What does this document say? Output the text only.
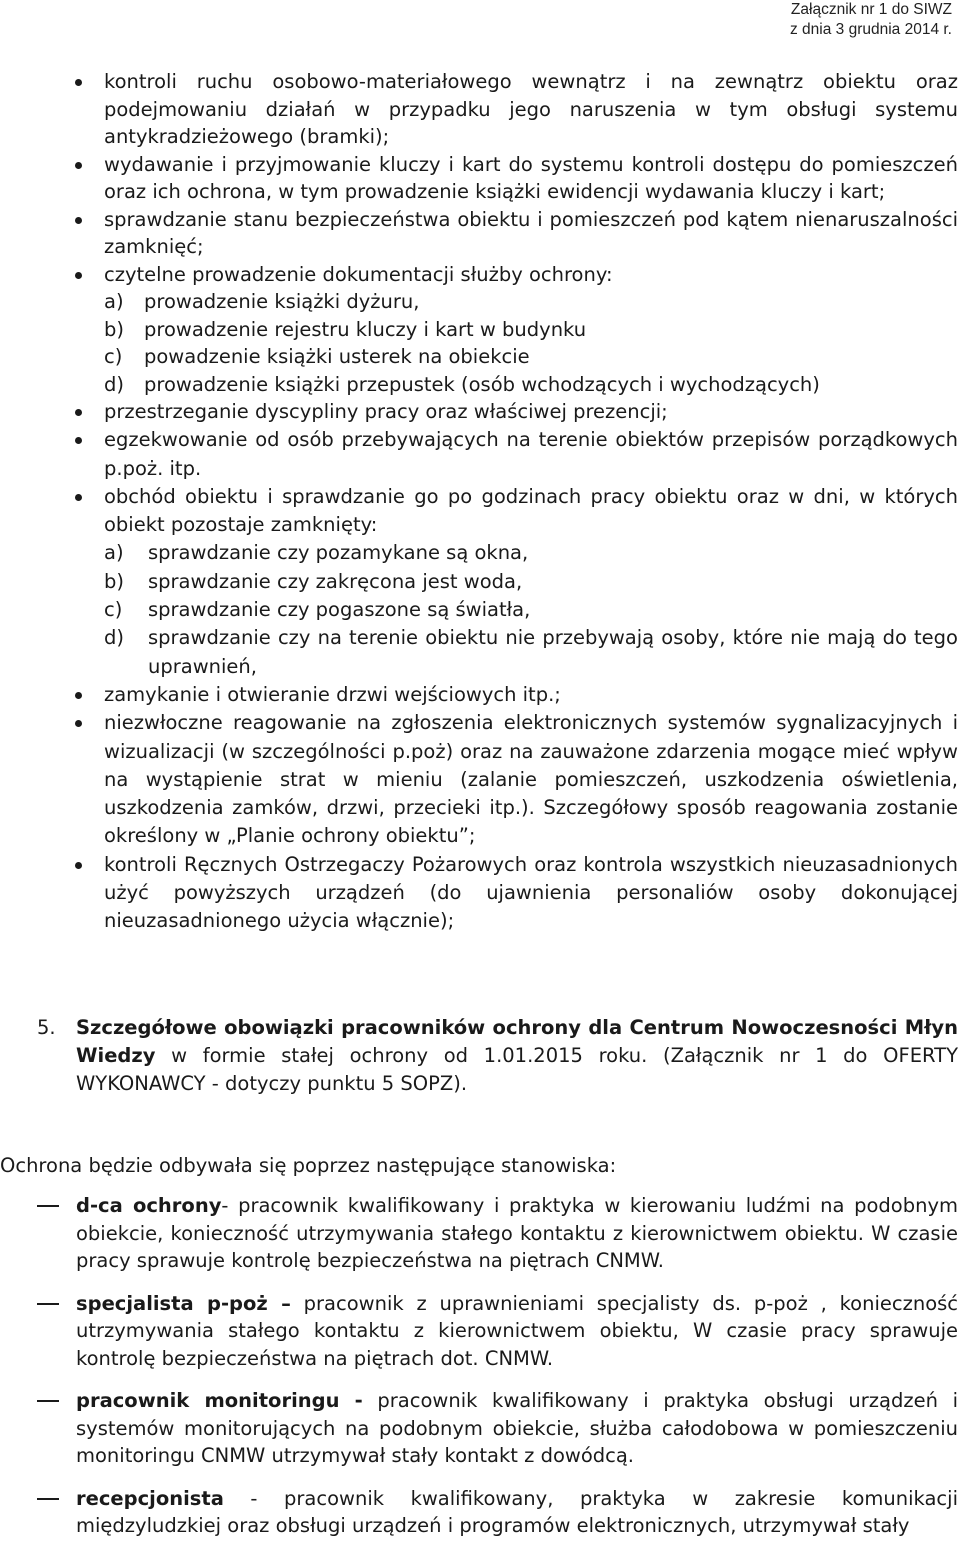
Załącznik nr 1 do SIWZ
z dnia 3 grudnia 2014 r.
kontroli ruchu osobowo-materiałowego wewnątrz i na zewnątrz obiektu oraz podejmowaniu działań w przypadku jego naruszenia w tym obsługi systemu antykradzieżowego (bramki);
wydawanie i przyjmowanie kluczy i kart do systemu kontroli dostępu do pomieszczeń oraz ich ochrona, w tym prowadzenie książki ewidencji wydawania kluczy i kart;
sprawdzanie stanu bezpieczeństwa obiektu i pomieszczeń pod kątem nienaruszalności zamknięć;
czytelne prowadzenie dokumentacji służby ochrony:
a)	prowadzenie książki dyżuru,
b)	prowadzenie rejestru kluczy i kart w budynku
c)	powadzenie książki usterek na obiekcie
d)	prowadzenie książki przepustek (osób wchodzących i wychodzących)
przestrzeganie dyscypliny pracy oraz właściwej prezencji;
egzekwowanie od osób przebywających na terenie obiektów przepisów porządkowych p.poż. itp.
obchód obiektu i sprawdzanie go po godzinach pracy obiektu oraz w dni, w których obiekt pozostaje zamknięty:
a)	sprawdzanie czy pozamykane są okna,
b)	sprawdzanie czy zakręcona jest woda,
c)	sprawdzanie czy pogaszone są światła,
d)	sprawdzanie czy na terenie obiektu nie przebywają osoby, które nie mają do tego uprawnień,
zamykanie i otwieranie drzwi wejściowych itp.;
niezwłoczne reagowanie na zgłoszenia elektronicznych systemów sygnalizacyjnych i wizualizacji (w szczególności p.poż) oraz na zauważone zdarzenia mogące mieć wpływ na wystąpienie strat w mieniu (zalanie pomieszczeń, uszkodzenia oświetlenia, uszkodzenia zamków, drzwi, przecieki itp.). Szczegółowy sposób reagowania zostanie określony w „Planie ochrony obiektu”;
kontroli Ręcznych Ostrzegaczy Pożarowych oraz kontrola wszystkich nieuzasadnionych użyć powyższych urządzeń (do ujawnienia personaliów osoby dokonującej nieuzasadnionego użycia włącznie);
5.	Szczegółowe obowiązki pracowników ochrony dla Centrum Nowoczesności Młyn Wiedzy w formie stałej ochrony od 1.01.2015 roku. (Załącznik nr 1 do OFERTY WYKONAWCY - dotyczy punktu 5 SOPZ).
Ochrona będzie odbywała się poprzez następujące stanowiska:
d-ca ochrony- pracownik kwalifikowany i praktyka w kierowaniu ludźmi na podobnym obiekcie, konieczność utrzymywania stałego kontaktu z kierownictwem obiektu. W czasie pracy sprawuje kontrolę bezpieczeństwa na piętrach CNMW.
specjalista p-poż – pracownik z uprawnieniami specjalisty ds. p-poż , konieczność utrzymywania stałego kontaktu z kierownictwem obiektu, W czasie pracy sprawuje kontrolę bezpieczeństwa na piętrach dot. CNMW.
pracownik monitoringu - pracownik kwalifikowany i praktyka obsługi urządzeń i systemów monitorujących na podobnym obiekcie, służba całodobowa w pomieszczeniu monitoringu CNMW utrzymywał stały kontakt z dowódcą.
recepcjonista - pracownik kwalifikowany, praktyka w zakresie komunikacji międzyludzkiej oraz obsługi urządzeń i programów elektronicznych, utrzymywał stały
